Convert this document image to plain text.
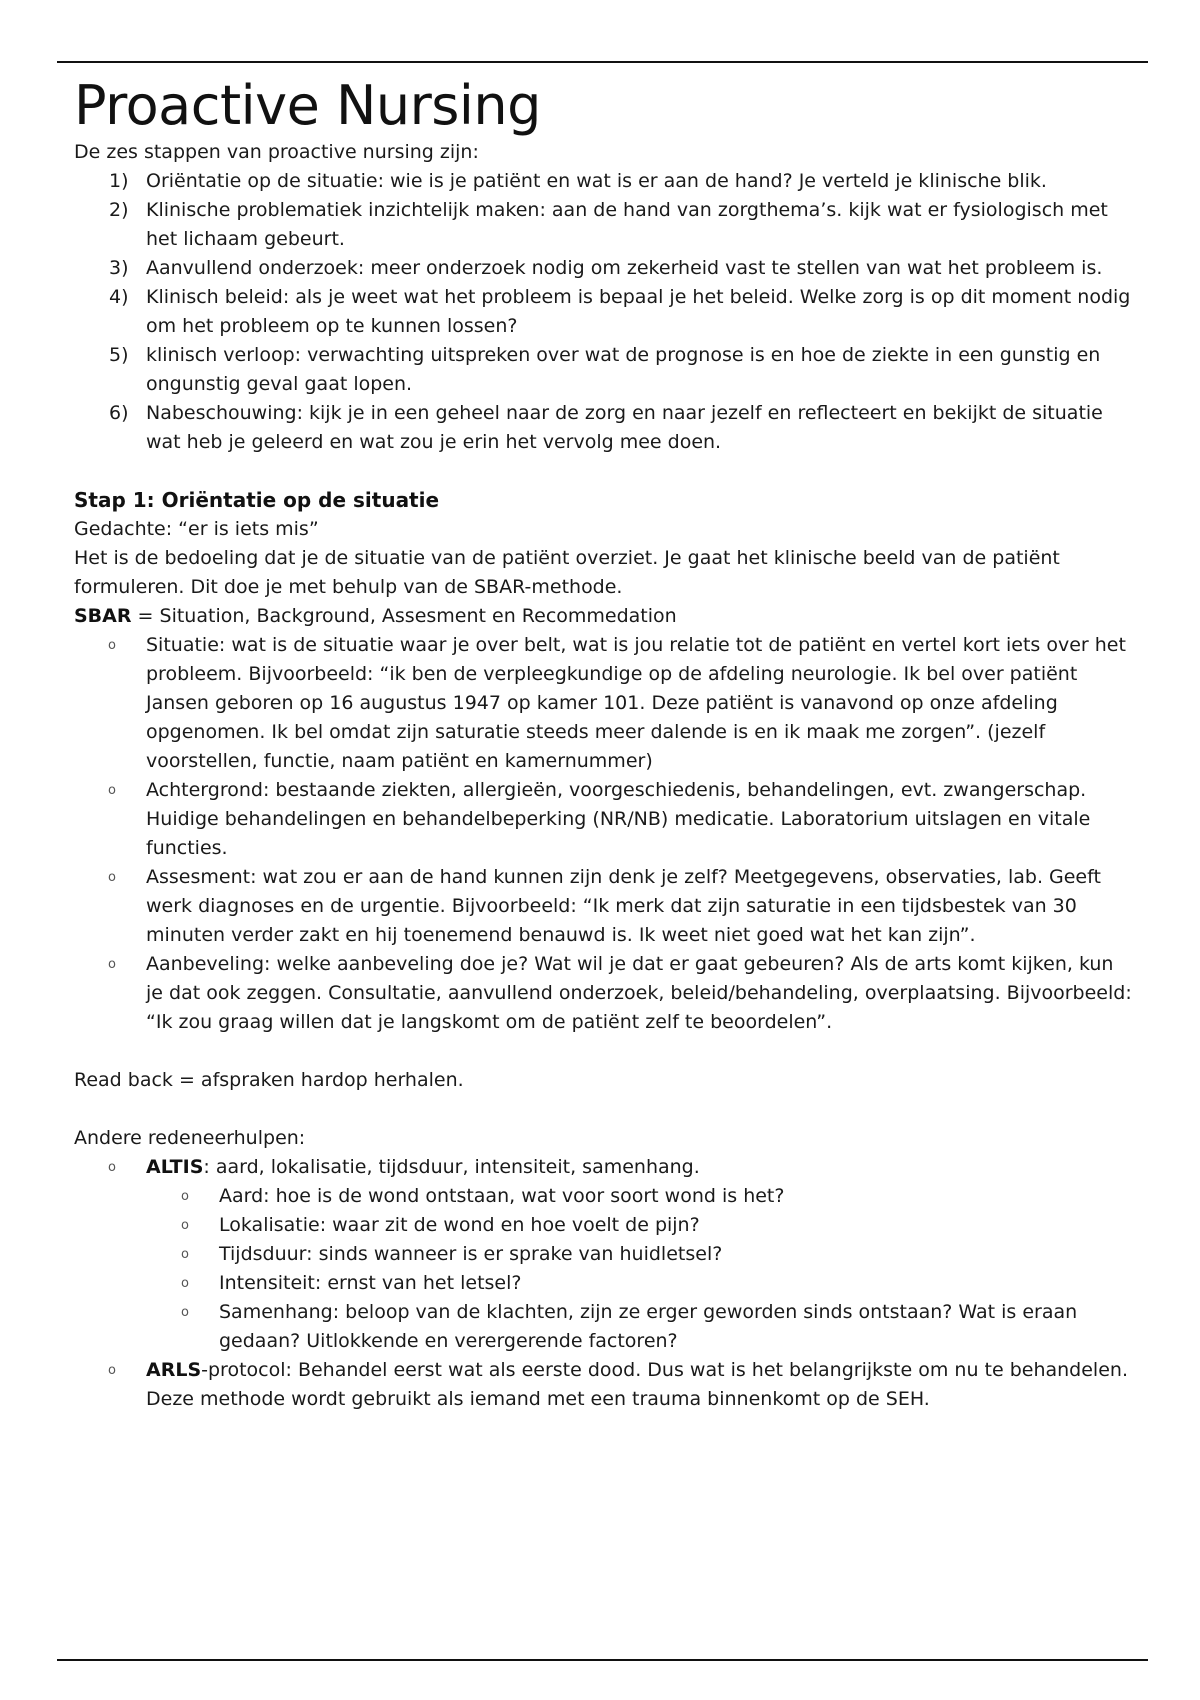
Proactive Nursing

De zes stappen van proactive nursing zijn:

1) Oriëntatie op de situatie: wie is je patiënt en wat is er aan de hand? Je verteld je klinische blik.
2) Klinische problematiek inzichtelijk maken: aan de hand van zorgthema’s. kijk wat er fysiologisch met het lichaam gebeurt.
3) Aanvullend onderzoek: meer onderzoek nodig om zekerheid vast te stellen van wat het probleem is.
4) Klinisch beleid: als je weet wat het probleem is bepaal je het beleid. Welke zorg is op dit moment nodig om het probleem op te kunnen lossen?
5) klinisch verloop: verwachting uitspreken over wat de prognose is en hoe de ziekte in een gunstig en ongunstig geval gaat lopen.
6) Nabeschouwing: kijk je in een geheel naar de zorg en naar jezelf en reflecteert en bekijkt de situatie wat heb je geleerd en wat zou je erin het vervolg mee doen.
Stap 1: Oriëntatie op de situatie

Gedachte: “er is iets mis”

Het is de bedoeling dat je de situatie van de patiënt overziet. Je gaat het klinische beeld van de patiënt formuleren. Dit doe je met behulp van de SBAR-methode.

SBAR = Situation, Background, Assesment en Recommedation

o Situatie: wat is de situatie waar je over belt, wat is jou relatie tot de patiënt en vertel kort iets over het probleem. Bijvoorbeeld: “ik ben de verpleegkundige op de afdeling neurologie. Ik bel over patiënt Jansen geboren op 16 augustus 1947 op kamer 101. Deze patiënt is vanavond op onze afdeling opgenomen. Ik bel omdat zijn saturatie steeds meer dalende is en ik maak me zorgen”. (jezelf voorstellen, functie, naam patiënt en kamernummer)
o Achtergrond: bestaande ziekten, allergieën, voorgeschiedenis, behandelingen, evt. zwangerschap. Huidige behandelingen en behandelbeperking (NR/NB) medicatie. Laboratorium uitslagen en vitale functies.
o Assesment: wat zou er aan de hand kunnen zijn denk je zelf? Meetgegevens, observaties, lab. Geeft werk diagnoses en de urgentie. Bijvoorbeeld: “Ik merk dat zijn saturatie in een tijdsbestek van 30 minuten verder zakt en hij toenemend benauwd is. Ik weet niet goed wat het kan zijn”.
o Aanbeveling: welke aanbeveling doe je? Wat wil je dat er gaat gebeuren? Als de arts komt kijken, kun je dat ook zeggen. Consultatie, aanvullend onderzoek, beleid/behandeling, overplaatsing. Bijvoorbeeld: “Ik zou graag willen dat je langskomt om de patiënt zelf te beoordelen”.

Read back = afspraken hardop herhalen.

Andere redeneerhulpen:

o ALTIS: aard, lokalisatie, tijdsduur, intensiteit, samenhang.
o Aard: hoe is de wond ontstaan, wat voor soort wond is het?
o Lokalisatie: waar zit de wond en hoe voelt de pijn?
o Tijdsduur: sinds wanneer is er sprake van huidletsel?
o Intensiteit: ernst van het letsel?
o Samenhang: beloop van de klachten, zijn ze erger geworden sinds ontstaan? Wat is eraan gedaan? Uitlokkende en verergerende factoren?
o ARLS-protocol: Behandel eerst wat als eerste dood. Dus wat is het belangrijkste om nu te behandelen. Deze methode wordt gebruikt als iemand met een trauma binnenkomt op de SEH.
